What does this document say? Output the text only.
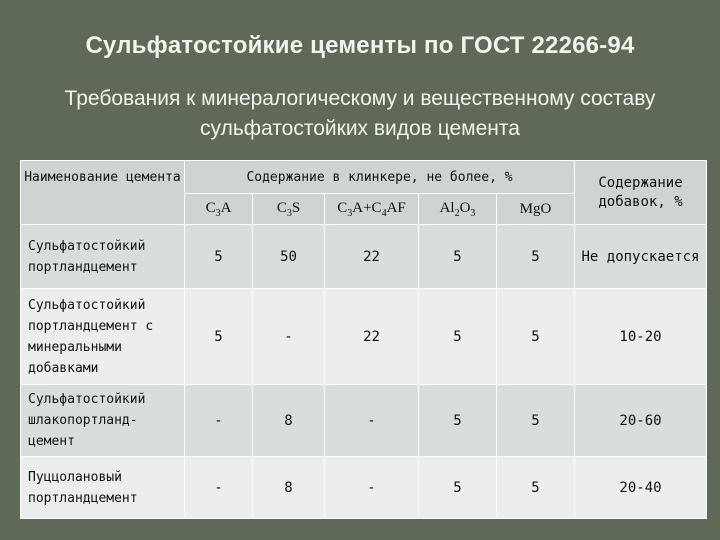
Сульфатостойкие цементы по ГОСТ 22266-94
Требования к минералогическому и вещественному составу сульфатостойких видов цемента
Наименование цемента	Содержание в клинкере, не более, %					Содержание добавок, %
	$C_3A$	$C_3S$	$C_3A+C_4AF$	$Al_2O_3$	MgO	
Сульфатостойкий портландцемент	5	50	22	5	5	Не допускается
Сульфатостойкий портландцемент с минеральными добавками	5	-	22	5	5	10-20
Сульфатостойкий шлакопортланд-цемент	-	8	-	5	5	20-60
Пуццолановый портландцемент	-	8	-	5	5	20-40
